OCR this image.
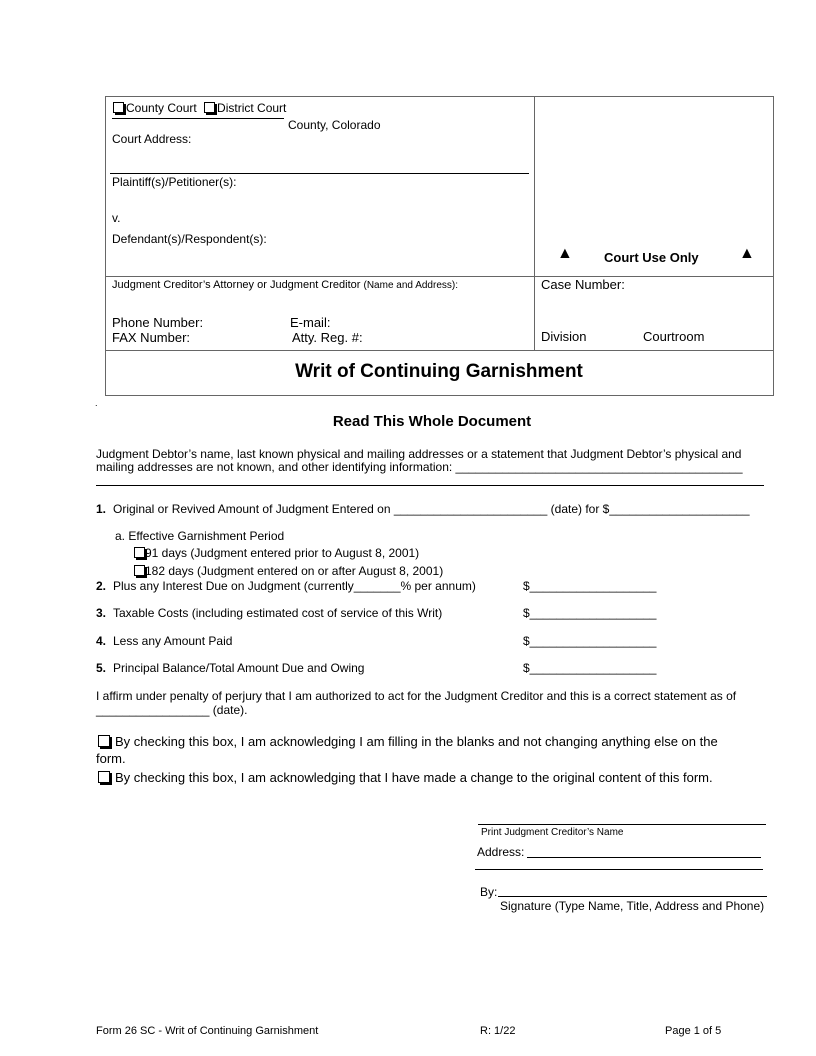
County Court District Court
County, Colorado
Court Address:
Plaintiff(s)/Petitioner(s):
v.
Defendant(s)/Respondent(s):
▲ Court Use Only	▲
Judgment Creditor’s Attorney or Judgment Creditor (Name and Address):	Case Number:
Phone Number:	E-mail:
FAX Number:	Atty. Reg. #:	Division	Courtroom
Writ of Continuing Garnishment
.
Read This Whole Document
Judgment Debtor’s name, last known physical and mailing addresses or a statement that Judgment Debtor’s physical and
mailing addresses are not known, and other identifying information: ___________________________________________
1. Original or Revived Amount of Judgment Entered on _______________________ (date) for $_____________________
a. Effective Garnishment Period
91 days (Judgment entered prior to August 8, 2001)
182 days (Judgment entered on or after August 8, 2001)
2. Plus any Interest Due on Judgment (currently_______% per annum)	$___________________
3. Taxable Costs (including estimated cost of service of this Writ)	$___________________
4. Less any Amount Paid	$___________________
5. Principal Balance/Total Amount Due and Owing	$___________________
I affirm under penalty of perjury that I am authorized to act for the Judgment Creditor and this is a correct statement as of
_________________ (date).
By checking this box, I am acknowledging I am filling in the blanks and not changing anything else on the
form.
By checking this box, I am acknowledging that I have made a change to the original content of this form.
Print Judgment Creditor’s Name
Address:
By:
Signature (Type Name, Title, Address and Phone)
Form 26 SC - Writ of Continuing Garnishment	R: 1/22	Page 1 of 5
